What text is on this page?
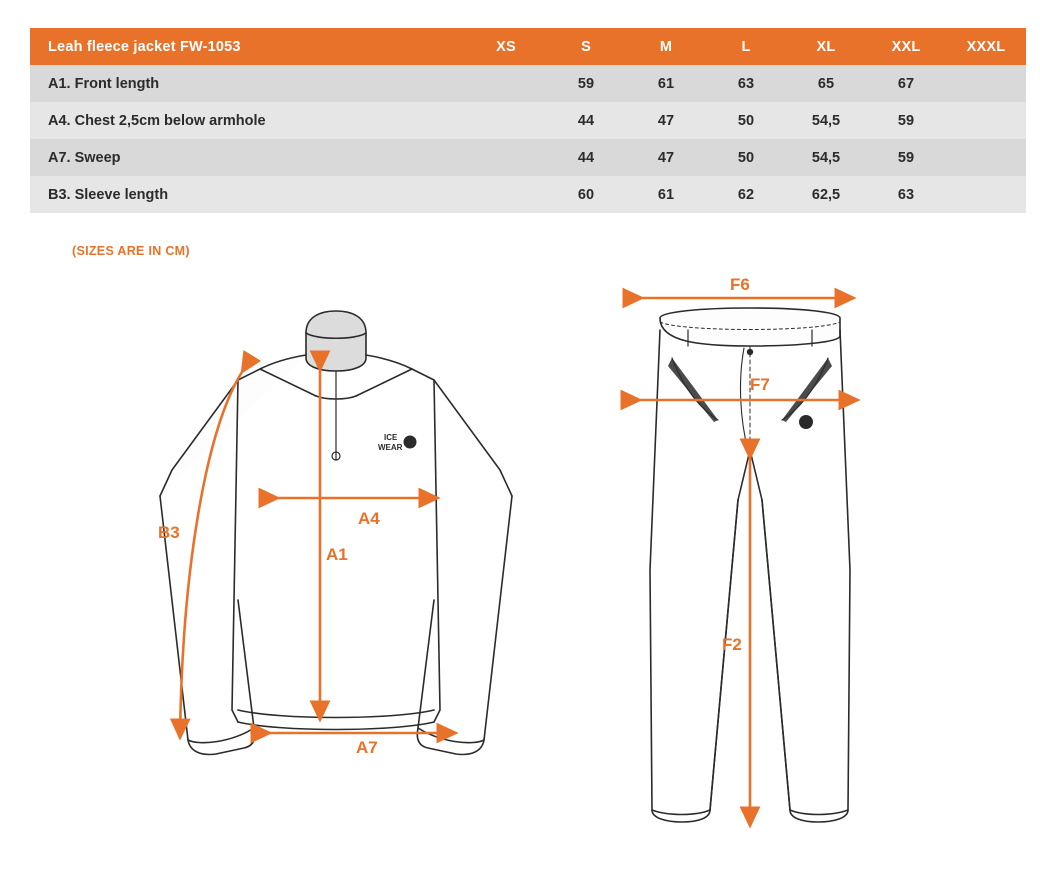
Leah fleece jacket FW-1053		XS	S	M	L	XL	XXL	XXXL
A1. Front length			59	61	63	65	67	
A4. Chest 2,5cm below armhole			44	47	50	54,5	59	
A7. Sweep			44	47	50	54,5	59	
B3. Sleeve length			60	61	62	62,5	63	
(SIZES ARE IN CM)
ICE
WEAR
B3
A4
A1
A7
F6
F7
F2
